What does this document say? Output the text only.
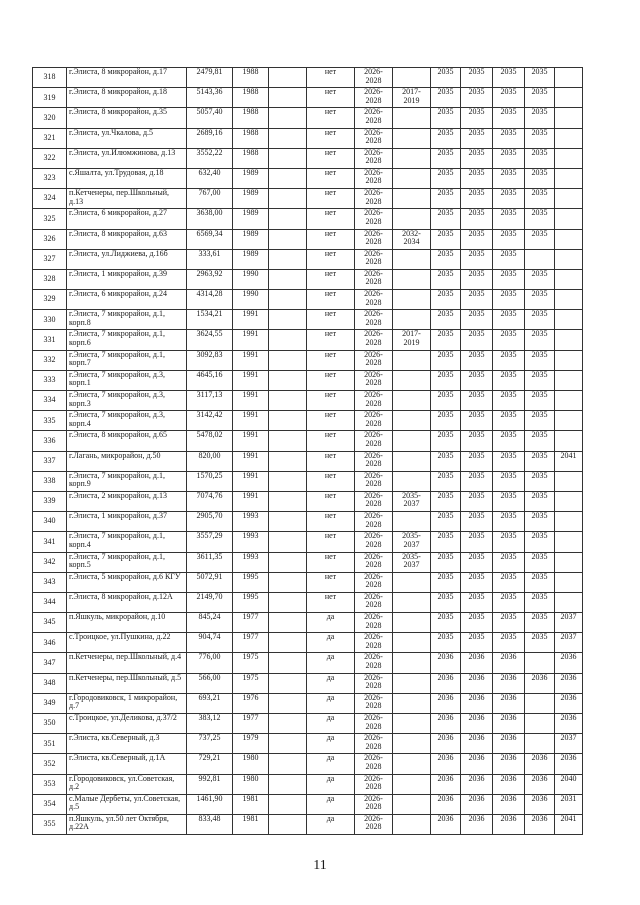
318	г.Элиста, 8 микрорайон, д.17	2479,81	1988		нет	2026-2028		2035	2035	2035	2035	
319	г.Элиста, 8 микрорайон, д.18	5143,36	1988		нет	2026-2028	2017-2019	2035	2035	2035	2035	
320	г.Элиста, 8 микрорайон, д.35	5057,40	1988		нет	2026-2028		2035	2035	2035	2035	
321	г.Элиста, ул.Чкалова, д.5	2689,16	1988		нет	2026-2028		2035	2035	2035	2035	
322	г.Элиста, ул.Илюмжинова, д.13	3552,22	1988		нет	2026-2028		2035	2035	2035	2035	
323	с.Яшалта, ул.Трудовая, д.18	632,40	1989		нет	2026-2028		2035	2035	2035	2035	
324	п.Кетченеры, пер.Школьный, д.13	767,00	1989		нет	2026-2028		2035	2035	2035	2035	
325	г.Элиста, 6 микрорайон, д.27	3638,00	1989		нет	2026-2028		2035	2035	2035	2035	
326	г.Элиста, 8 микрорайон, д.63	6569,34	1989		нет	2026-2028	2032-2034	2035	2035	2035	2035	
327	г.Элиста, ул.Лиджиева, д.16б	333,61	1989		нет	2026-2028		2035	2035	2035		
328	г.Элиста, 1 микрорайон, д.39	2963,92	1990		нет	2026-2028		2035	2035	2035	2035	
329	г.Элиста, 6 микрорайон, д.24	4314,28	1990		нет	2026-2028		2035	2035	2035	2035	
330	г.Элиста, 7 микрорайон, д.1, корп.8	1534,21	1991		нет	2026-2028		2035	2035	2035	2035	
331	г.Элиста, 7 микрорайон, д.1, корп.6	3624,55	1991		нет	2026-2028	2017-2019	2035	2035	2035	2035	
332	г.Элиста, 7 микрорайон, д.1, корп.7	3092,83	1991		нет	2026-2028		2035	2035	2035	2035	
333	г.Элиста, 7 микрорайон, д.3, корп.1	4645,16	1991		нет	2026-2028		2035	2035	2035	2035	
334	г.Элиста, 7 микрорайон, д.3, корп.3	3117,13	1991		нет	2026-2028		2035	2035	2035	2035	
335	г.Элиста, 7 микрорайон, д.3, корп.4	3142,42	1991		нет	2026-2028		2035	2035	2035	2035	
336	г.Элиста, 8 микрорайон, д.65	5478,02	1991		нет	2026-2028		2035	2035	2035	2035	
337	г.Лагань, микрорайон, д.50	820,00	1991		нет	2026-2028		2035	2035	2035	2035	2041
338	г.Элиста, 7 микрорайон, д.1, корп.9	1570,25	1991		нет	2026-2028		2035	2035	2035	2035	
339	г.Элиста, 2 микрорайон, д.13	7074,76	1991		нет	2026-2028	2035-2037	2035	2035	2035	2035	
340	г.Элиста, 1 микрорайон, д.37	2905,70	1993		нет	2026-2028		2035	2035	2035	2035	
341	г.Элиста, 7 микрорайон, д.1, корп.4	3557,29	1993		нет	2026-2028	2035-2037	2035	2035	2035	2035	
342	г.Элиста, 7 микрорайон, д.1, корп.5	3611,35	1993		нет	2026-2028	2035-2037	2035	2035	2035	2035	
343	г.Элиста, 5 микрорайон, д.6 КГУ	5072,91	1995		нет	2026-2028		2035	2035	2035	2035	
344	г.Элиста, 8 микрорайон, д.12А	2149,70	1995		нет	2026-2028		2035	2035	2035	2035	
345	п.Яшкуль, микрорайон, д.10	845,24	1977		да	2026-2028		2035	2035	2035	2035	2037
346	с.Троицкое, ул.Пушкина, д.22	904,74	1977		да	2026-2028		2035	2035	2035	2035	2037
347	п.Кетченеры, пер.Школьный, д.4	776,00	1975		да	2026-2028		2036	2036	2036		2036
348	п.Кетченеры, пер.Школьный, д.5	566,00	1975		да	2026-2028		2036	2036	2036	2036	2036
349	г.Городовиковск, 1 микрорайон, д.7	693,21	1976		да	2026-2028		2036	2036	2036		2036
350	с.Троицкое, ул.Деликова, д.37/2	383,12	1977		да	2026-2028		2036	2036	2036		2036
351	г.Элиста, кв.Северный, д.3	737,25	1979		да	2026-2028		2036	2036	2036		2037
352	г.Элиста, кв.Северный, д.1А	729,21	1980		да	2026-2028		2036	2036	2036	2036	2036
353	г.Городовиковск, ул.Советская, д.2	992,81	1980		да	2026-2028		2036	2036	2036	2036	2040
354	с.Малые Дербеты, ул.Советская, д.5	1461,90	1981		да	2026-2028		2036	2036	2036	2036	2031
355	п.Яшкуль, ул.50 лет Октября, д.22А	833,48	1981		да	2026-2028		2036	2036	2036	2036	2041
11
